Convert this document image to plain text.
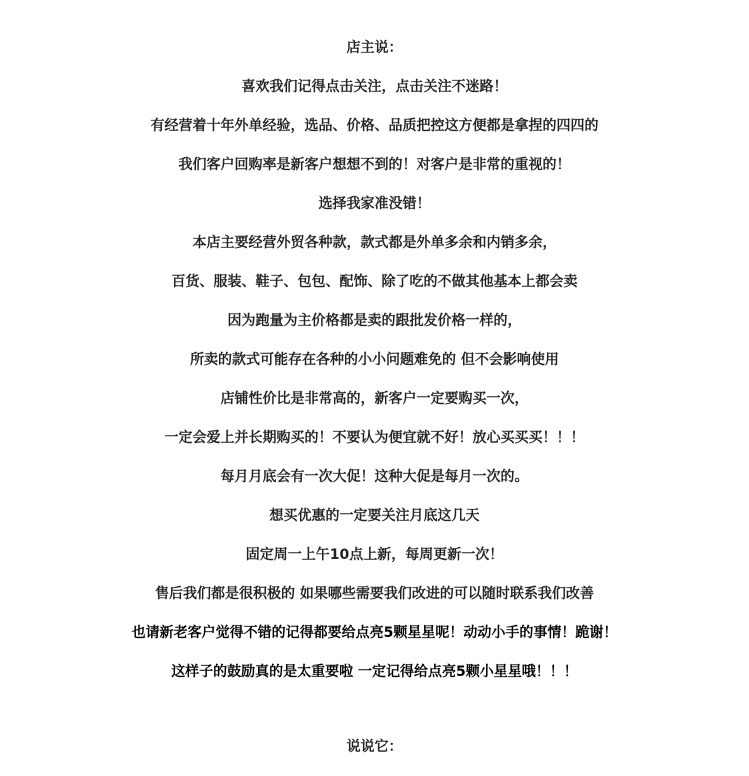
店主说：
喜欢我们记得点击关注，点击关注不迷路！
有经营着十年外单经验，选品、价格、品质把控这方便都是拿捏的四四的
我们客户回购率是新客户想想不到的！对客户是非常的重视的！
选择我家准没错！
本店主要经营外贸各种款，款式都是外单多余和内销多余，
百货、服装、鞋子、包包、配饰、除了吃的不做其他基本上都会卖
因为跑量为主价格都是卖的跟批发价格一样的，
所卖的款式可能存在各种的小小问题难免的 但不会影响使用
店铺性价比是非常高的，新客户一定要购买一次，
一定会爱上并长期购买的！不要认为便宜就不好！放心买买买！！！
每月月底会有一次大促！这种大促是每月一次的。
想买优惠的一定要关注月底这几天
固定周一上午10点上新，每周更新一次！
售后我们都是很积极的 如果哪些需要我们改进的可以随时联系我们改善
也请新老客户觉得不错的记得都要给点亮5颗星星呢！动动小手的事情！跪谢！
这样子的鼓励真的是太重要啦 一定记得给点亮5颗小星星哦！！！
说说它：
